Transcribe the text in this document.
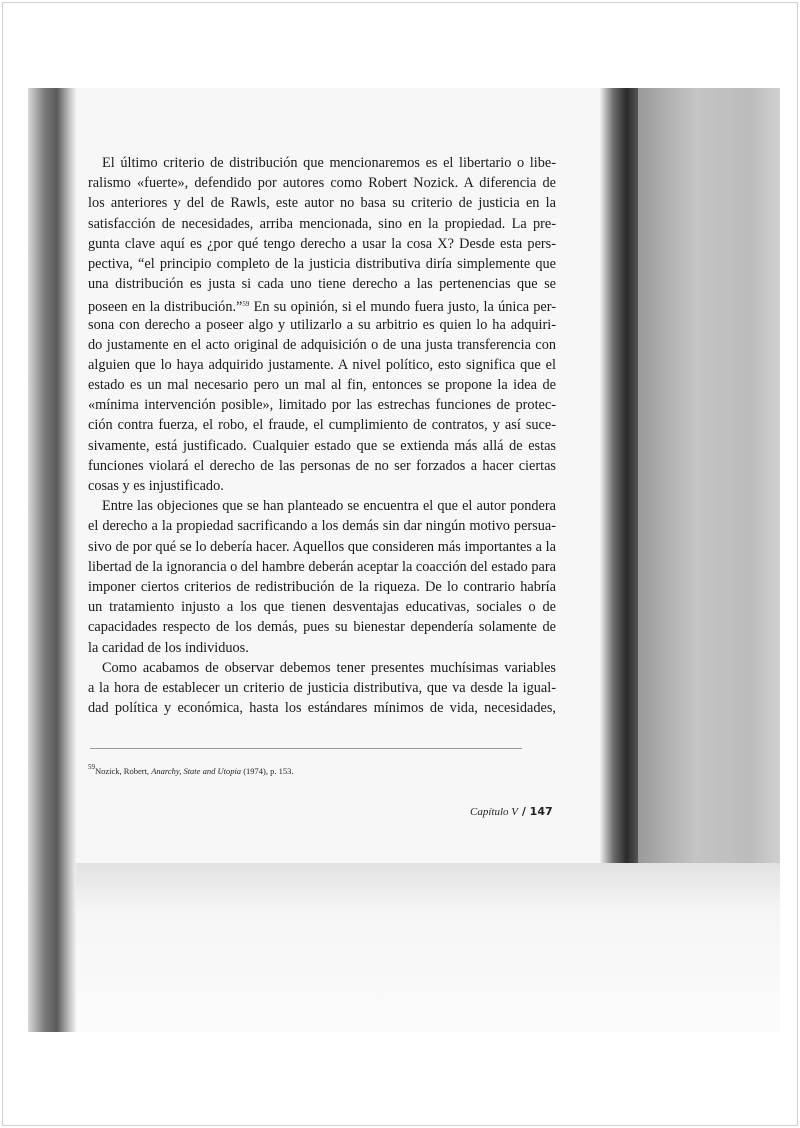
El último criterio de distribución que mencionaremos es el libertario o libe-
ralismo «fuerte», defendido por autores como Robert Nozick. A diferencia de
los anteriores y del de Rawls, este autor no basa su criterio de justicia en la
satisfacción de necesidades, arriba mencionada, sino en la propiedad. La pre-
gunta clave aquí es ¿por qué tengo derecho a usar la cosa X? Desde esta pers-
pectiva, “el principio completo de la justicia distributiva diría simplemente que
una distribución es justa si cada uno tiene derecho a las pertenencias que se
poseen en la distribución.”$^{59}$ En su opinión, si el mundo fuera justo, la única per-
sona con derecho a poseer algo y utilizarlo a su arbitrio es quien lo ha adquiri-
do justamente en el acto original de adquisición o de una justa transferencia con
alguien que lo haya adquirido justamente. A nivel político, esto significa que el
estado es un mal necesario pero un mal al fin, entonces se propone la idea de
«mínima intervención posible», limitado por las estrechas funciones de protec-
ción contra fuerza, el robo, el fraude, el cumplimiento de contratos, y así suce-
sivamente, está justificado. Cualquier estado que se extienda más allá de estas
funciones violará el derecho de las personas de no ser forzados a hacer ciertas
cosas y es injustificado.
Entre las objeciones que se han planteado se encuentra el que el autor pondera
el derecho a la propiedad sacrificando a los demás sin dar ningún motivo persua-
sivo de por qué se lo debería hacer. Aquellos que consideren más importantes a la
libertad de la ignorancia o del hambre deberán aceptar la coacción del estado para
imponer ciertos criterios de redistribución de la riqueza. De lo contrario habría
un tratamiento injusto a los que tienen desventajas educativas, sociales o de
capacidades respecto de los demás, pues su bienestar dependería solamente de
la caridad de los individuos.
Como acabamos de observar debemos tener presentes muchísimas variables
a la hora de establecer un criterio de justicia distributiva, que va desde la igual-
dad política y económica, hasta los estándares mínimos de vida, necesidades,
$^{59}$Nozick, Robert, Anarchy, State and Utopia (1974), p. 153.
Capítulo V / 147
